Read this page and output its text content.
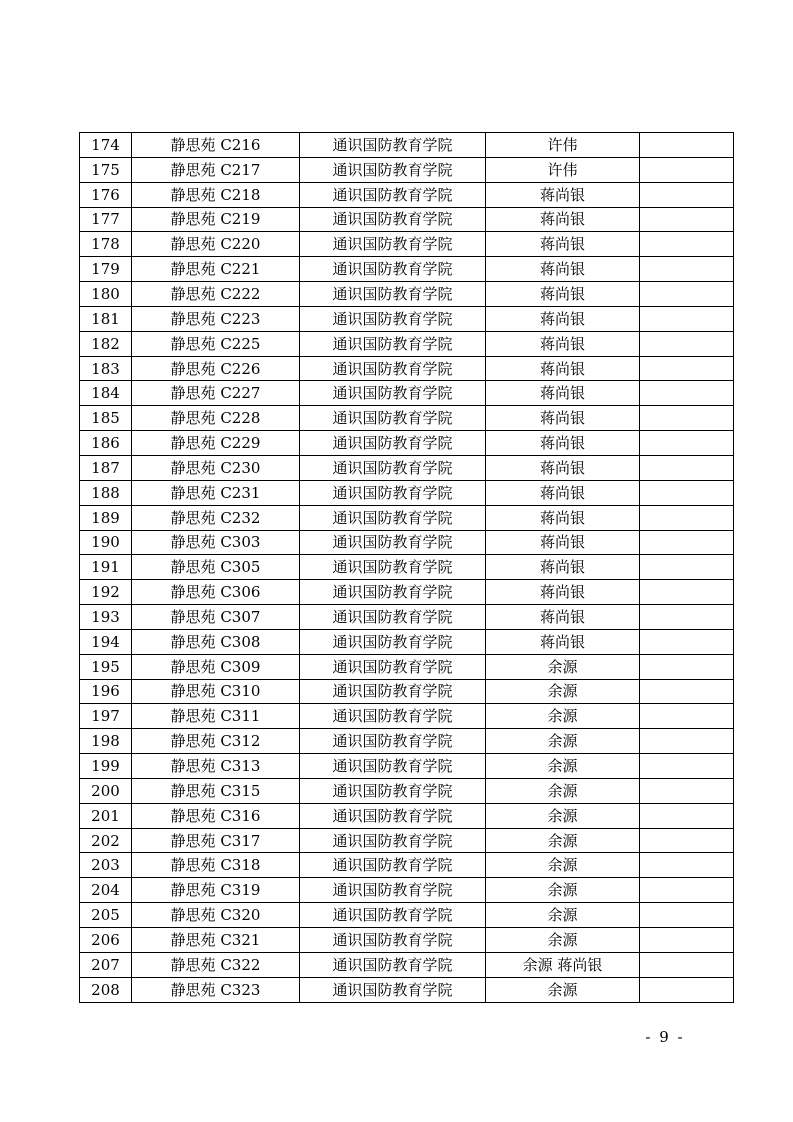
174	静思苑 C216	通识国防教育学院	许伟	
175	静思苑 C217	通识国防教育学院	许伟	
176	静思苑 C218	通识国防教育学院	蒋尚银	
177	静思苑 C219	通识国防教育学院	蒋尚银	
178	静思苑 C220	通识国防教育学院	蒋尚银	
179	静思苑 C221	通识国防教育学院	蒋尚银	
180	静思苑 C222	通识国防教育学院	蒋尚银	
181	静思苑 C223	通识国防教育学院	蒋尚银	
182	静思苑 C225	通识国防教育学院	蒋尚银	
183	静思苑 C226	通识国防教育学院	蒋尚银	
184	静思苑 C227	通识国防教育学院	蒋尚银	
185	静思苑 C228	通识国防教育学院	蒋尚银	
186	静思苑 C229	通识国防教育学院	蒋尚银	
187	静思苑 C230	通识国防教育学院	蒋尚银	
188	静思苑 C231	通识国防教育学院	蒋尚银	
189	静思苑 C232	通识国防教育学院	蒋尚银	
190	静思苑 C303	通识国防教育学院	蒋尚银	
191	静思苑 C305	通识国防教育学院	蒋尚银	
192	静思苑 C306	通识国防教育学院	蒋尚银	
193	静思苑 C307	通识国防教育学院	蒋尚银	
194	静思苑 C308	通识国防教育学院	蒋尚银	
195	静思苑 C309	通识国防教育学院	余源	
196	静思苑 C310	通识国防教育学院	余源	
197	静思苑 C311	通识国防教育学院	余源	
198	静思苑 C312	通识国防教育学院	余源	
199	静思苑 C313	通识国防教育学院	余源	
200	静思苑 C315	通识国防教育学院	余源	
201	静思苑 C316	通识国防教育学院	余源	
202	静思苑 C317	通识国防教育学院	余源	
203	静思苑 C318	通识国防教育学院	余源	
204	静思苑 C319	通识国防教育学院	余源	
205	静思苑 C320	通识国防教育学院	余源	
206	静思苑 C321	通识国防教育学院	余源	
207	静思苑 C322	通识国防教育学院	余源 蒋尚银	
208	静思苑 C323	通识国防教育学院	余源	
- 9 -
